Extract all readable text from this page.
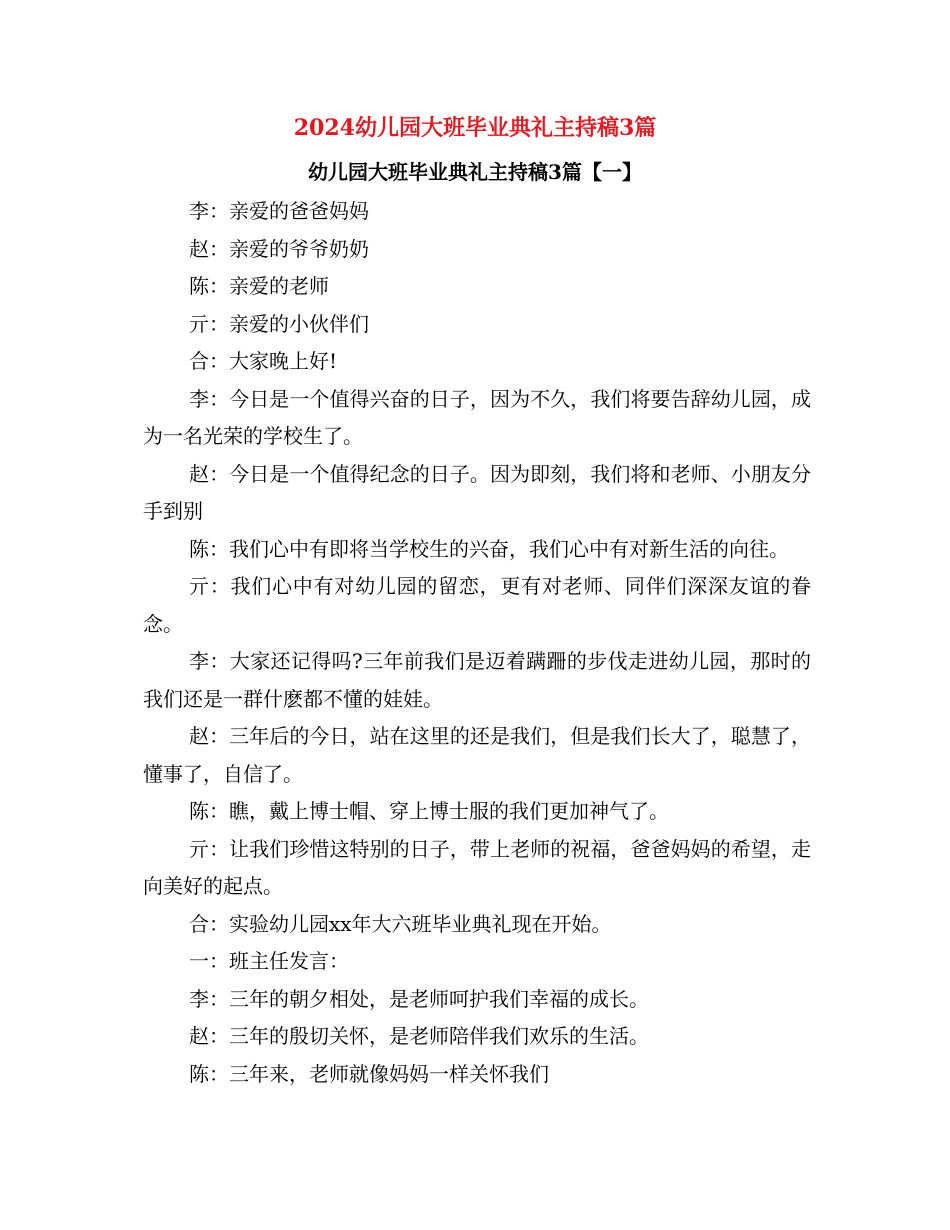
2024幼儿园大班毕业典礼主持稿3篇
幼儿园大班毕业典礼主持稿3篇【一】

李：亲爱的爸爸妈妈

赵：亲爱的爷爷奶奶

陈：亲爱的老师

亓：亲爱的小伙伴们

合：大家晚上好!

李：今日是一个值得兴奋的日子，因为不久，我们将要告辞幼儿园，成为一名光荣的学校生了。

赵：今日是一个值得纪念的日子。因为即刻，我们将和老师、小朋友分手到别

陈：我们心中有即将当学校生的兴奋，我们心中有对新生活的向往。

亓：我们心中有对幼儿园的留恋，更有对老师、同伴们深深友谊的眷念。

李：大家还记得吗?三年前我们是迈着蹒跚的步伐走进幼儿园，那时的我们还是一群什麽都不懂的娃娃。

赵：三年后的今日，站在这里的还是我们，但是我们长大了，聪慧了，懂事了，自信了。

陈：瞧，戴上博士帽、穿上博士服的我们更加神气了。

亓：让我们珍惜这特别的日子，带上老师的祝福，爸爸妈妈的希望，走向美好的起点。

合：实验幼儿园xx年大六班毕业典礼现在开始。

一：班主任发言：

李：三年的朝夕相处，是老师呵护我们幸福的成长。

赵：三年的殷切关怀，是老师陪伴我们欢乐的生活。

陈：三年来，老师就像妈妈一样关怀我们
